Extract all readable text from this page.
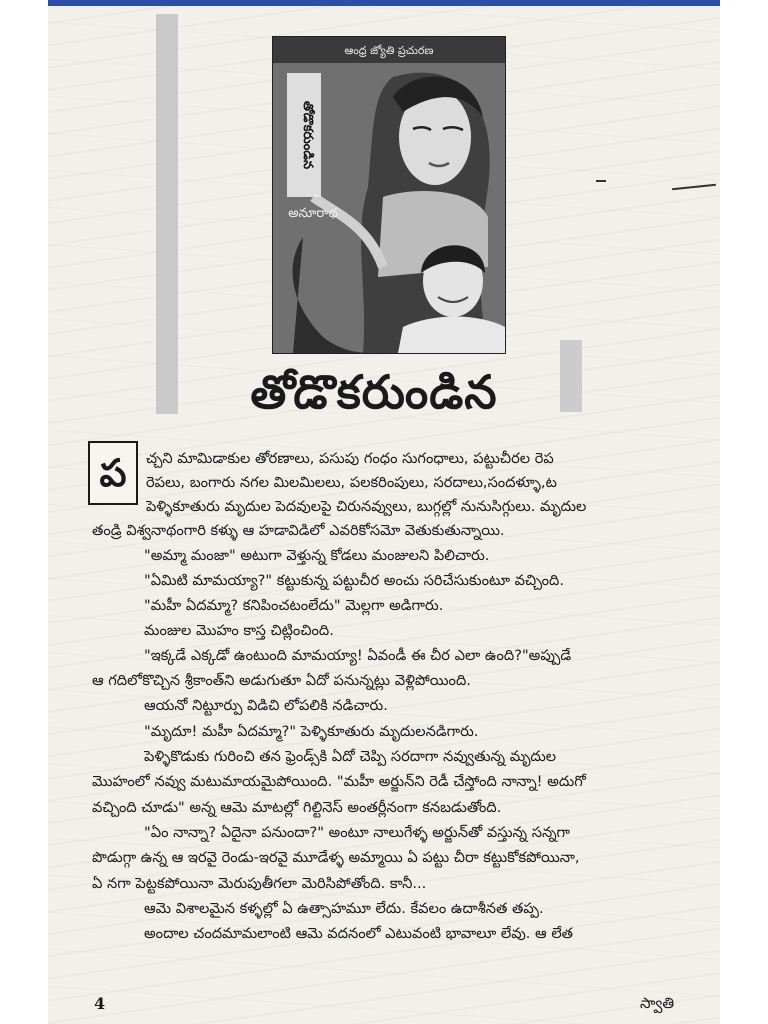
ఆంధ్ర జ్యోతి ప్రచురణ
తోడొకరుండిన
అనూరాధ
తోడొకరుండిన
ప	చ్చని మామిడాకుల తోరణాలు, పసుపు గంధం సుగంధాలు, పట్టుచీరల రెప
రెపలు, బంగారు నగల మిలమిలలు, పలకరింపులు, సరదాలు,సందళ్ళూ,ట
పెళ్ళికూతురు మృదుల పెదవులపై చిరునవ్వులు, బుగ్గల్లో నునుసిగ్గులు. మృదుల
తండ్రి విశ్వనాథంగారి కళ్ళు ఆ హడావిడిలో ఎవరికోసమో వెతుకుతున్నాయి.
"అమ్మా మంజా" అటుగా వెళ్తున్న కోడలు మంజులని పిలిచారు.
"ఏమిటి మామయ్యా?" కట్టుకున్న పట్టుచీర అంచు సరిచేసుకుంటూ వచ్చింది.
"మహీ ఏదమ్మా? కనిపించటంలేదు" మెల్లగా అడిగారు.
మంజుల మొహం కాస్త చిట్లించింది.
"ఇక్కడే ఎక్కడో ఉంటుంది మామయ్యా! ఏవండీ ఈ చీర ఎలా ఉంది?"అప్పుడే
ఆ గదిలోకొచ్చిన శ్రీకాంత్‌ని అడుగుతూ ఏదో పనున్నట్లు వెళ్లిపోయింది.
ఆయనో నిట్టూర్పు విడిచి లోపలికి నడిచారు.
"మృదూ! మహీ ఏదమ్మా?" పెళ్ళికూతురు మృదులనడిగారు.
పెళ్ళికొడుకు గురించి తన ఫ్రెండ్స్‌కి ఏదో చెప్పి సరదాగా నవ్వుతున్న మృదుల
మొహంలో నవ్వు మటుమాయమైపోయింది. "మహీ అర్జున్‌ని రెడీ చేస్తోంది నాన్నా! అదుగో
వచ్చింది చూడు" అన్న ఆమె మాటల్లో గిల్టినెస్ అంతర్లీనంగా కనబడుతోంది.
"ఏం నాన్నా? ఏదైనా పనుందా?" అంటూ నాలుగేళ్ళ అర్జున్‌తో వస్తున్న సన్నగా
పొడుగ్గా ఉన్న ఆ ఇరవై రెండు-ఇరవై మూడేళ్ళ అమ్మాయి ఏ పట్టు చీరా కట్టుకోకపోయినా,
ఏ నగా పెట్టకపోయినా మెరుపుతీగలా మెరిసిపోతోంది. కానీ...
ఆమె విశాలమైన కళ్ళల్లో ఏ ఉత్సాహమూ లేదు. కేవలం ఉదాశీనత తప్ప.
అందాల చందమామలాంటి ఆమె వదనంలో ఎటువంటి భావాలూ లేవు. ఆ లేత
4	స్వాతి
